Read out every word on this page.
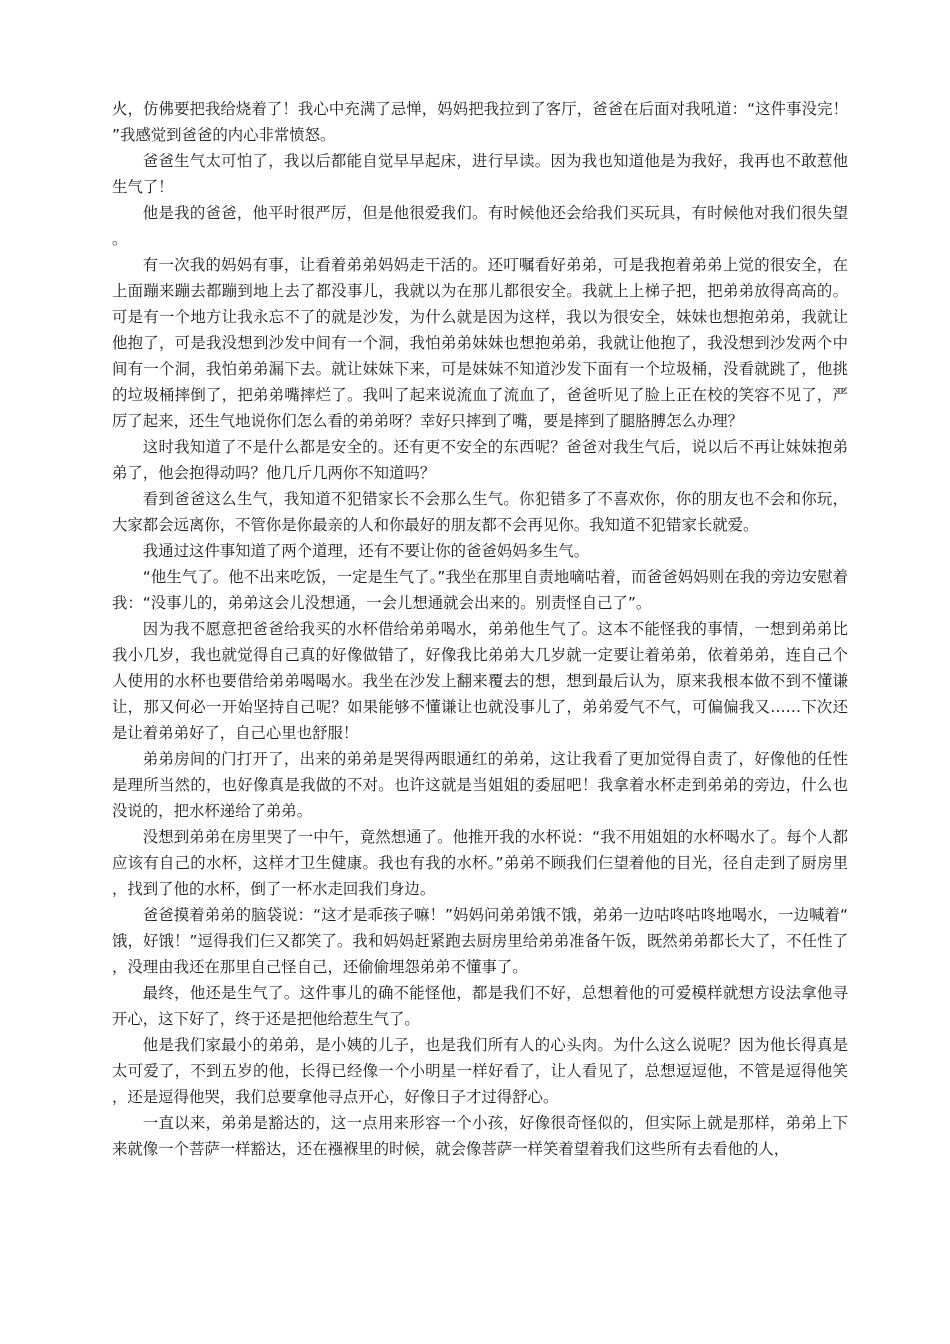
火，仿佛要把我给烧着了！我心中充满了忌惮，妈妈把我拉到了客厅，爸爸在后面对我吼道：“这件事没完！”我感觉到爸爸的内心非常愤怒。

爸爸生气太可怕了，我以后都能自觉早早起床，进行早读。因为我也知道他是为我好，我再也不敢惹他生气了！

他是我的爸爸，他平时很严厉，但是他很爱我们。有时候他还会给我们买玩具，有时候他对我们很失望。

有一次我的妈妈有事，让看着弟弟妈妈走干活的。还叮嘱看好弟弟，可是我抱着弟弟上觉的很安全，在上面蹦来蹦去都蹦到地上去了都没事儿，我就以为在那儿都很安全。我就上上梯子把，把弟弟放得高高的。可是有一个地方让我永忘不了的就是沙发，为什么就是因为这样，我以为很安全，妹妹也想抱弟弟，我就让他抱了，可是我没想到沙发中间有一个洞，我怕弟弟妹妹也想抱弟弟，我就让他抱了，我没想到沙发两个中间有一个洞，我怕弟弟漏下去。就让妹妹下来，可是妹妹不知道沙发下面有一个垃圾桶，没看就跳了，他挑的垃圾桶摔倒了，把弟弟嘴摔烂了。我叫了起来说流血了流血了，爸爸听见了脸上正在校的笑容不见了，严厉了起来，还生气地说你们怎么看的弟弟呀？幸好只摔到了嘴，要是摔到了腿胳膊怎么办理？

这时我知道了不是什么都是安全的。还有更不安全的东西呢？爸爸对我生气后，说以后不再让妹妹抱弟弟了，他会抱得动吗？他几斤几两你不知道吗？

看到爸爸这么生气，我知道不犯错家长不会那么生气。你犯错多了不喜欢你，你的朋友也不会和你玩，大家都会远离你，不管你是你最亲的人和你最好的朋友都不会再见你。我知道不犯错家长就爱。

我通过这件事知道了两个道理，还有不要让你的爸爸妈妈多生气。

“他生气了。他不出来吃饭，一定是生气了。”我坐在那里自责地嘀咕着，而爸爸妈妈则在我的旁边安慰着我：“没事儿的，弟弟这会儿没想通，一会儿想通就会出来的。别责怪自己了”。

因为我不愿意把爸爸给我买的水杯借给弟弟喝水，弟弟他生气了。这本不能怪我的事情，一想到弟弟比我小几岁，我也就觉得自己真的好像做错了，好像我比弟弟大几岁就一定要让着弟弟，依着弟弟，连自己个人使用的水杯也要借给弟弟喝喝水。我坐在沙发上翻来覆去的想，想到最后认为，原来我根本做不到不懂谦让，那又何必一开始坚持自己呢？如果能够不懂谦让也就没事儿了，弟弟爱气不气，可偏偏我又……下次还是让着弟弟好了，自己心里也舒服！

弟弟房间的门打开了，出来的弟弟是哭得两眼通红的弟弟，这让我看了更加觉得自责了，好像他的任性是理所当然的，也好像真是我做的不对。也许这就是当姐姐的委屈吧！我拿着水杯走到弟弟的旁边，什么也没说的，把水杯递给了弟弟。

没想到弟弟在房里哭了一中午，竟然想通了。他推开我的水杯说：“我不用姐姐的水杯喝水了。每个人都应该有自己的水杯，这样才卫生健康。我也有我的水杯。”弟弟不顾我们仨望着他的目光，径自走到了厨房里，找到了他的水杯，倒了一杯水走回我们身边。

爸爸摸着弟弟的脑袋说：“这才是乖孩子嘛！”妈妈问弟弟饿不饿，弟弟一边咕咚咕咚地喝水，一边喊着“饿，好饿！”逗得我们仨又都笑了。我和妈妈赶紧跑去厨房里给弟弟准备午饭，既然弟弟都长大了，不任性了，没理由我还在那里自己怪自己，还偷偷埋怨弟弟不懂事了。

最终，他还是生气了。这件事儿的确不能怪他，都是我们不好，总想着他的可爱模样就想方设法拿他寻开心，这下好了，终于还是把他给惹生气了。

他是我们家最小的弟弟，是小姨的儿子，也是我们所有人的心头肉。为什么这么说呢？因为他长得真是太可爱了，不到五岁的他，长得已经像一个小明星一样好看了，让人看见了，总想逗逗他，不管是逗得他笑，还是逗得他哭，我们总要拿他寻点开心，好像日子才过得舒心。

一直以来，弟弟是豁达的，这一点用来形容一个小孩，好像很奇怪似的，但实际上就是那样，弟弟上下来就像一个菩萨一样豁达，还在襁褓里的时候，就会像菩萨一样笑着望着我们这些所有去看他的人，
